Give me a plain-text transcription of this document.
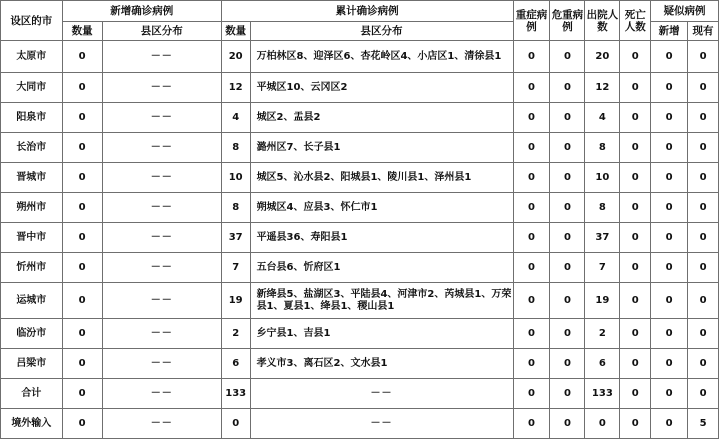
设区的市	新增确诊病例		累计确诊病例		重症病例	危重病例	出院人数	死亡人数	疑似病例	
	数量	县区分布	数量	县区分布					新增	现有
太原市	0	－－	20	万柏林区8、迎泽区6、杏花岭区4、小店区1、清徐县1	0	0	20	0	0	0
大同市	0	－－	12	平城区10、云冈区2	0	0	12	0	0	0
阳泉市	0	－－	4	城区2、盂县2	0	0	4	0	0	0
长治市	0	－－	8	潞州区7、长子县1	0	0	8	0	0	0
晋城市	0	－－	10	城区5、沁水县2、阳城县1、陵川县1、泽州县1	0	0	10	0	0	0
朔州市	0	－－	8	朔城区4、应县3、怀仁市1	0	0	8	0	0	0
晋中市	0	－－	37	平遥县36、寿阳县1	0	0	37	0	0	0
忻州市	0	－－	7	五台县6、忻府区1	0	0	7	0	0	0
运城市	0	－－	19	新绛县5、盐湖区3、平陆县4、河津市2、芮城县1、万荣县1、夏县1、绛县1、稷山县1	0	0	19	0	0	0
临汾市	0	－－	2	乡宁县1、吉县1	0	0	2	0	0	0
吕梁市	0	－－	6	孝义市3、离石区2、文水县1	0	0	6	0	0	0
合计	0	－－	133	－－	0	0	133	0	0	0
境外输入	0	－－	0	－－	0	0	0	0	0	5
